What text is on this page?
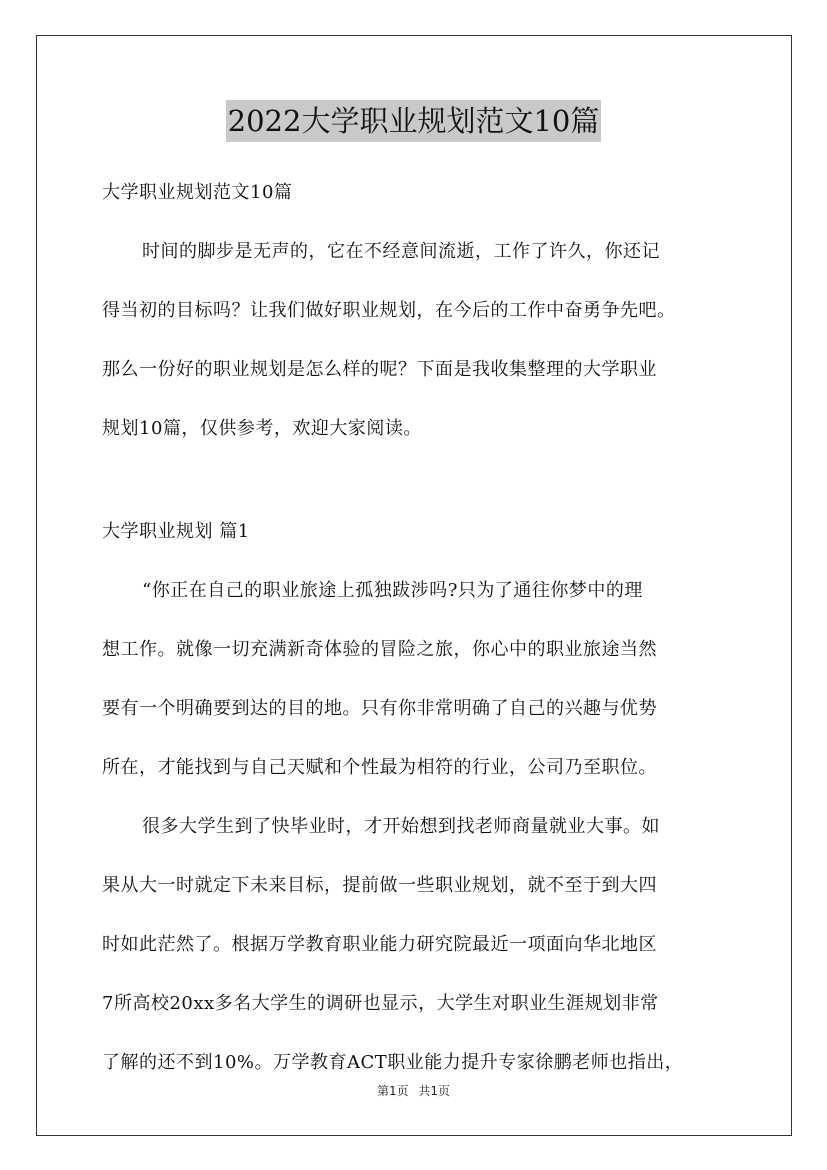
2022大学职业规划范文10篇
大学职业规划范文10篇

时间的脚步是无声的，它在不经意间流逝，工作了许久，你还记

得当初的目标吗？让我们做好职业规划，在今后的工作中奋勇争先吧。

那么一份好的职业规划是怎么样的呢？下面是我收集整理的大学职业

规划10篇，仅供参考，欢迎大家阅读。

大学职业规划 篇1

“你正在自己的职业旅途上孤独跋涉吗?只为了通往你梦中的理

想工作。就像一切充满新奇体验的冒险之旅，你心中的职业旅途当然

要有一个明确要到达的目的地。只有你非常明确了自己的兴趣与优势

所在，才能找到与自己天赋和个性最为相符的行业，公司乃至职位。

很多大学生到了快毕业时，才开始想到找老师商量就业大事。如

果从大一时就定下未来目标，提前做一些职业规划，就不至于到大四

时如此茫然了。根据万学教育职业能力研究院最近一项面向华北地区

7所高校20xx多名大学生的调研也显示，大学生对职业生涯规划非常

了解的还不到10%。万学教育ACT职业能力提升专家徐鹏老师也指出，

第1页 共1页
